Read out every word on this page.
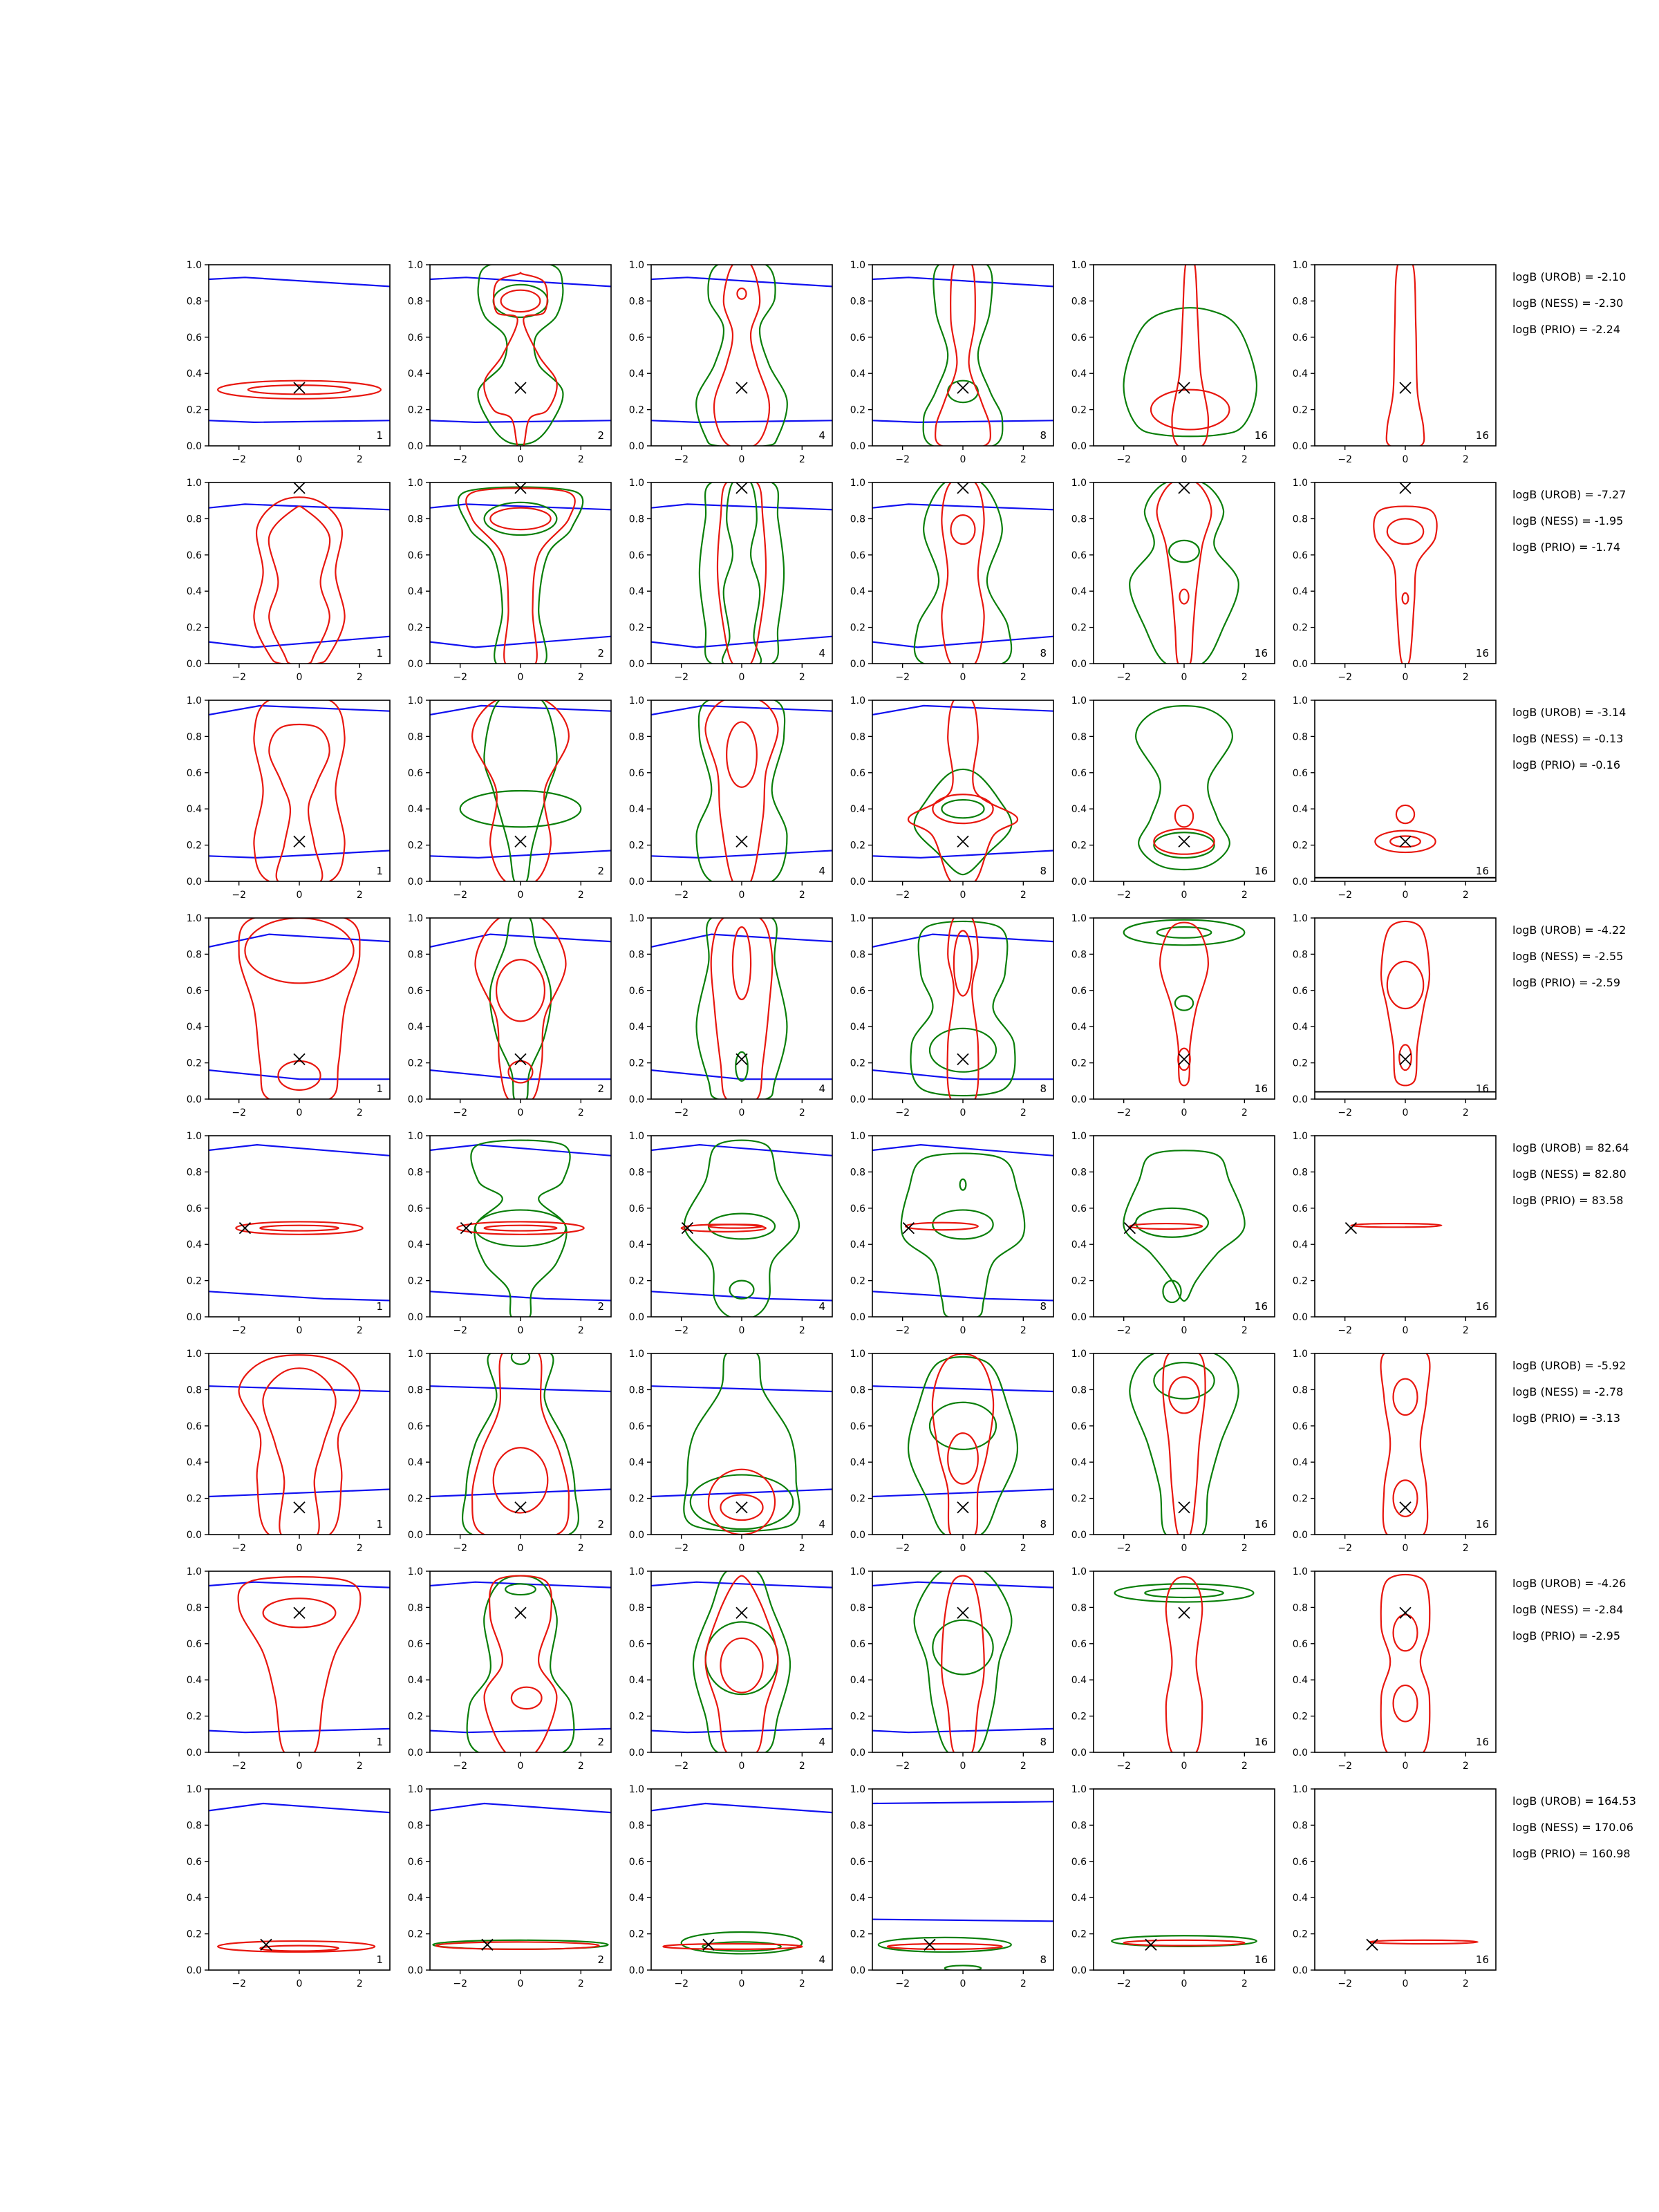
−2	0	2
0.0
0.2
0.4
0.6
0.8
1.0
1
−2	0	2
0.0
0.2
0.4
0.6
0.8
1.0
2
−2	0	2
0.0
0.2
0.4
0.6
0.8
1.0
4
−2	0	2
0.0
0.2
0.4
0.6
0.8
1.0
8
−2	0	2
0.0
0.2
0.4
0.6
0.8
1.0
16
−2	0	2
0.0
0.2
0.4
0.6
0.8
1.0
16
logB (UROB) = -2.10
logB (NESS) = -2.30
logB (PRIO) = -2.24
−2	0	2
0.0
0.2
0.4
0.6
0.8
1.0
1
−2	0	2
0.0
0.2
0.4
0.6
0.8
1.0
2
−2	0	2
0.0
0.2
0.4
0.6
0.8
1.0
4
−2	0	2
0.0
0.2
0.4
0.6
0.8
1.0
8
−2	0	2
0.0
0.2
0.4
0.6
0.8
1.0
16
−2	0	2
0.0
0.2
0.4
0.6
0.8
1.0
16
logB (UROB) = -7.27
logB (NESS) = -1.95
logB (PRIO) = -1.74
−2	0	2
0.0
0.2
0.4
0.6
0.8
1.0
1
−2	0	2
0.0
0.2
0.4
0.6
0.8
1.0
2
−2	0	2
0.0
0.2
0.4
0.6
0.8
1.0
4
−2	0	2
0.0
0.2
0.4
0.6
0.8
1.0
8
−2	0	2
0.0
0.2
0.4
0.6
0.8
1.0
16
−2	0	2
0.0
0.2
0.4
0.6
0.8
1.0
16
logB (UROB) = -3.14
logB (NESS) = -0.13
logB (PRIO) = -0.16
−2	0	2
0.0
0.2
0.4
0.6
0.8
1.0
1
−2	0	2
0.0
0.2
0.4
0.6
0.8
1.0
2
−2	0	2
0.0
0.2
0.4
0.6
0.8
1.0
4
−2	0	2
0.0
0.2
0.4
0.6
0.8
1.0
8
−2	0	2
0.0
0.2
0.4
0.6
0.8
1.0
16
−2	0	2
0.0
0.2
0.4
0.6
0.8
1.0
16
logB (UROB) = -4.22
logB (NESS) = -2.55
logB (PRIO) = -2.59
−2	0	2
0.0
0.2
0.4
0.6
0.8
1.0
1
−2	0	2
0.0
0.2
0.4
0.6
0.8
1.0
2
−2	0	2
0.0
0.2
0.4
0.6
0.8
1.0
4
−2	0	2
0.0
0.2
0.4
0.6
0.8
1.0
8
−2	0	2
0.0
0.2
0.4
0.6
0.8
1.0
16
−2	0	2
0.0
0.2
0.4
0.6
0.8
1.0
16
logB (UROB) = 82.64
logB (NESS) = 82.80
logB (PRIO) = 83.58
−2	0	2
0.0
0.2
0.4
0.6
0.8
1.0
1
−2	0	2
0.0
0.2
0.4
0.6
0.8
1.0
2
−2	0	2
0.0
0.2
0.4
0.6
0.8
1.0
4
−2	0	2
0.0
0.2
0.4
0.6
0.8
1.0
8
−2	0	2
0.0
0.2
0.4
0.6
0.8
1.0
16
−2	0	2
0.0
0.2
0.4
0.6
0.8
1.0
16
logB (UROB) = -5.92
logB (NESS) = -2.78
logB (PRIO) = -3.13
−2	0	2
0.0
0.2
0.4
0.6
0.8
1.0
1
−2	0	2
0.0
0.2
0.4
0.6
0.8
1.0
2
−2	0	2
0.0
0.2
0.4
0.6
0.8
1.0
4
−2	0	2
0.0
0.2
0.4
0.6
0.8
1.0
8
−2	0	2
0.0
0.2
0.4
0.6
0.8
1.0
16
−2	0	2
0.0
0.2
0.4
0.6
0.8
1.0
16
logB (UROB) = -4.26
logB (NESS) = -2.84
logB (PRIO) = -2.95
−2	0	2
0.0
0.2
0.4
0.6
0.8
1.0
1
−2	0	2
0.0
0.2
0.4
0.6
0.8
1.0
2
−2	0	2
0.0
0.2
0.4
0.6
0.8
1.0
4
−2	0	2
0.0
0.2
0.4
0.6
0.8
1.0
8
−2	0	2
0.0
0.2
0.4
0.6
0.8
1.0
16
−2	0	2
0.0
0.2
0.4
0.6
0.8
1.0
16
logB (UROB) = 164.53
logB (NESS) = 170.06
logB (PRIO) = 160.98
